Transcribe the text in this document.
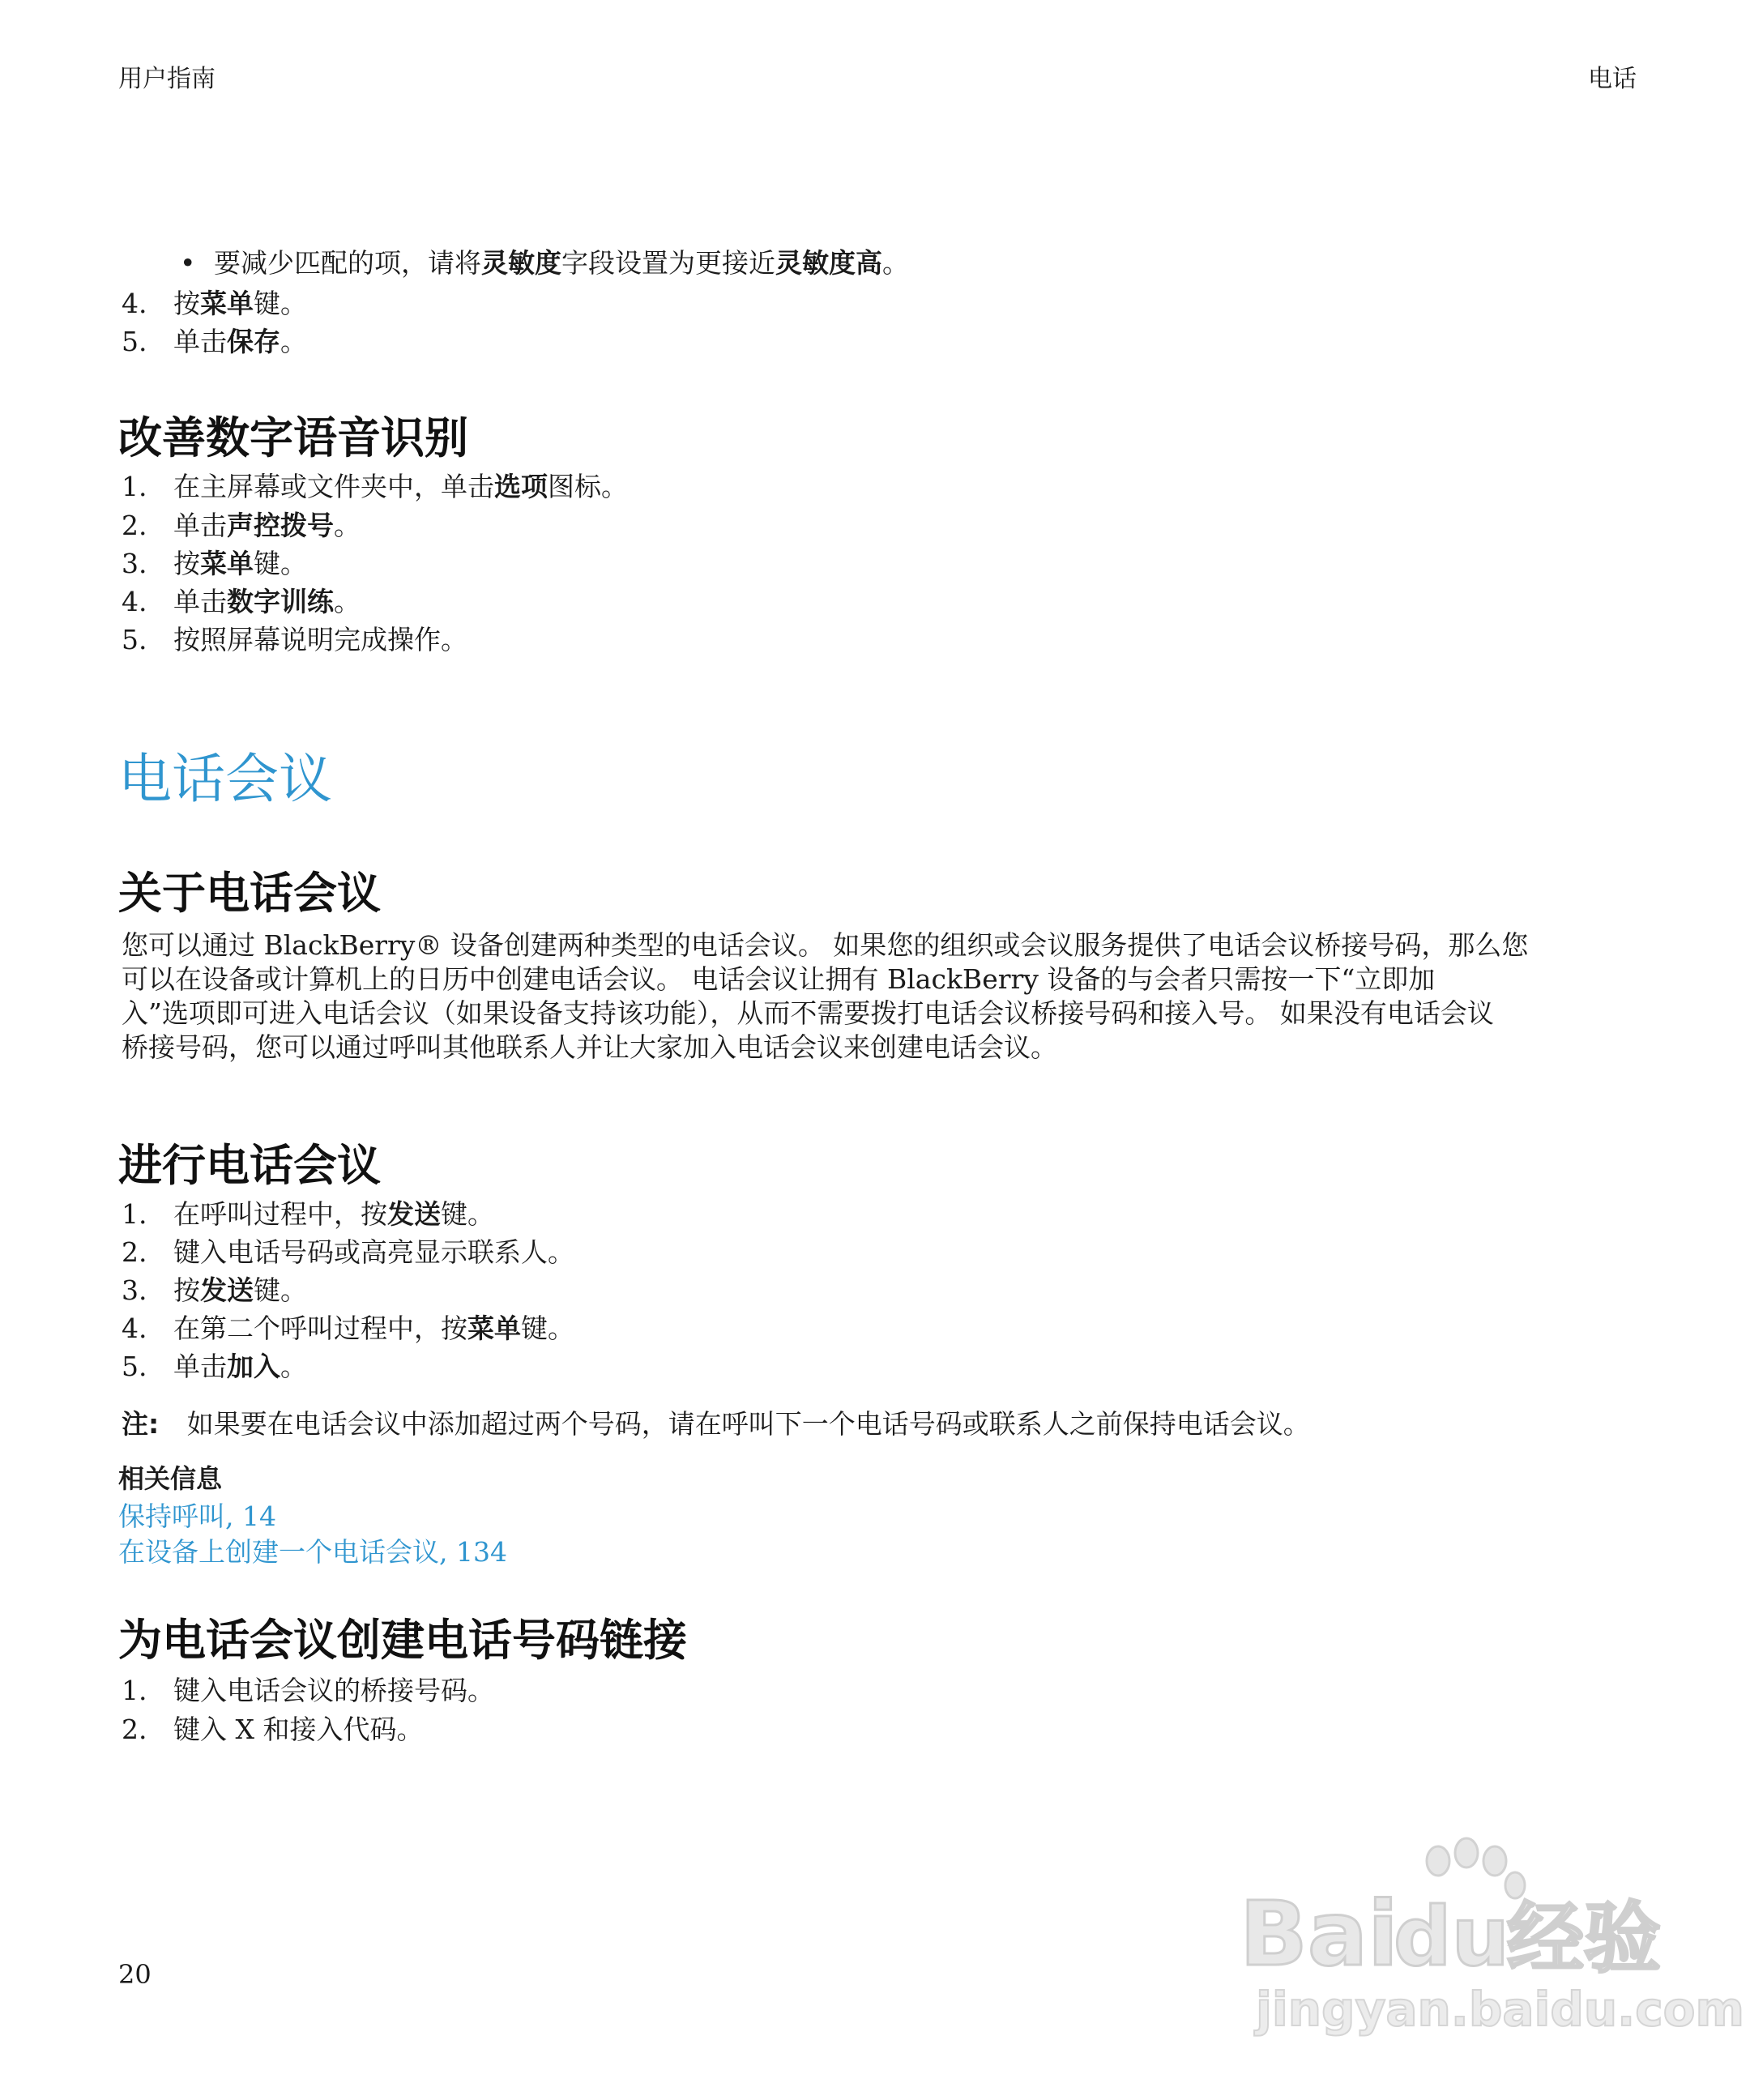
用户指南	电话
• 要减少匹配的项，请将灵敏度字段设置为更接近灵敏度高。
4. 按菜单键。
5. 单击保存。
改善数字语音识别
1. 在主屏幕或文件夹中，单击选项图标。
2. 单击声控拨号。
3. 按菜单键。
4. 单击数字训练。
5. 按照屏幕说明完成操作。
电话会议
关于电话会议
您可以通过 BlackBerry® 设备创建两种类型的电话会议。 如果您的组织或会议服务提供了电话会议桥接号码，那么您
可以在设备或计算机上的日历中创建电话会议。 电话会议让拥有 BlackBerry 设备的与会者只需按一下“立即加
入”选项即可进入电话会议（如果设备支持该功能），从而不需要拨打电话会议桥接号码和接入号。 如果没有电话会议
桥接号码，您可以通过呼叫其他联系人并让大家加入电话会议来创建电话会议。
进行电话会议
1. 在呼叫过程中，按发送键。
2. 键入电话号码或高亮显示联系人。
3. 按发送键。
4. 在第二个呼叫过程中，按菜单键。
5. 单击加入。
注: 如果要在电话会议中添加超过两个号码，请在呼叫下一个电话号码或联系人之前保持电话会议。
相关信息
保持呼叫, 14
在设备上创建一个电话会议, 134
为电话会议创建电话号码链接
1. 键入电话会议的桥接号码。
2. 键入 X 和接入代码。
20	Bai
du
经验
jingyan.baidu.com
